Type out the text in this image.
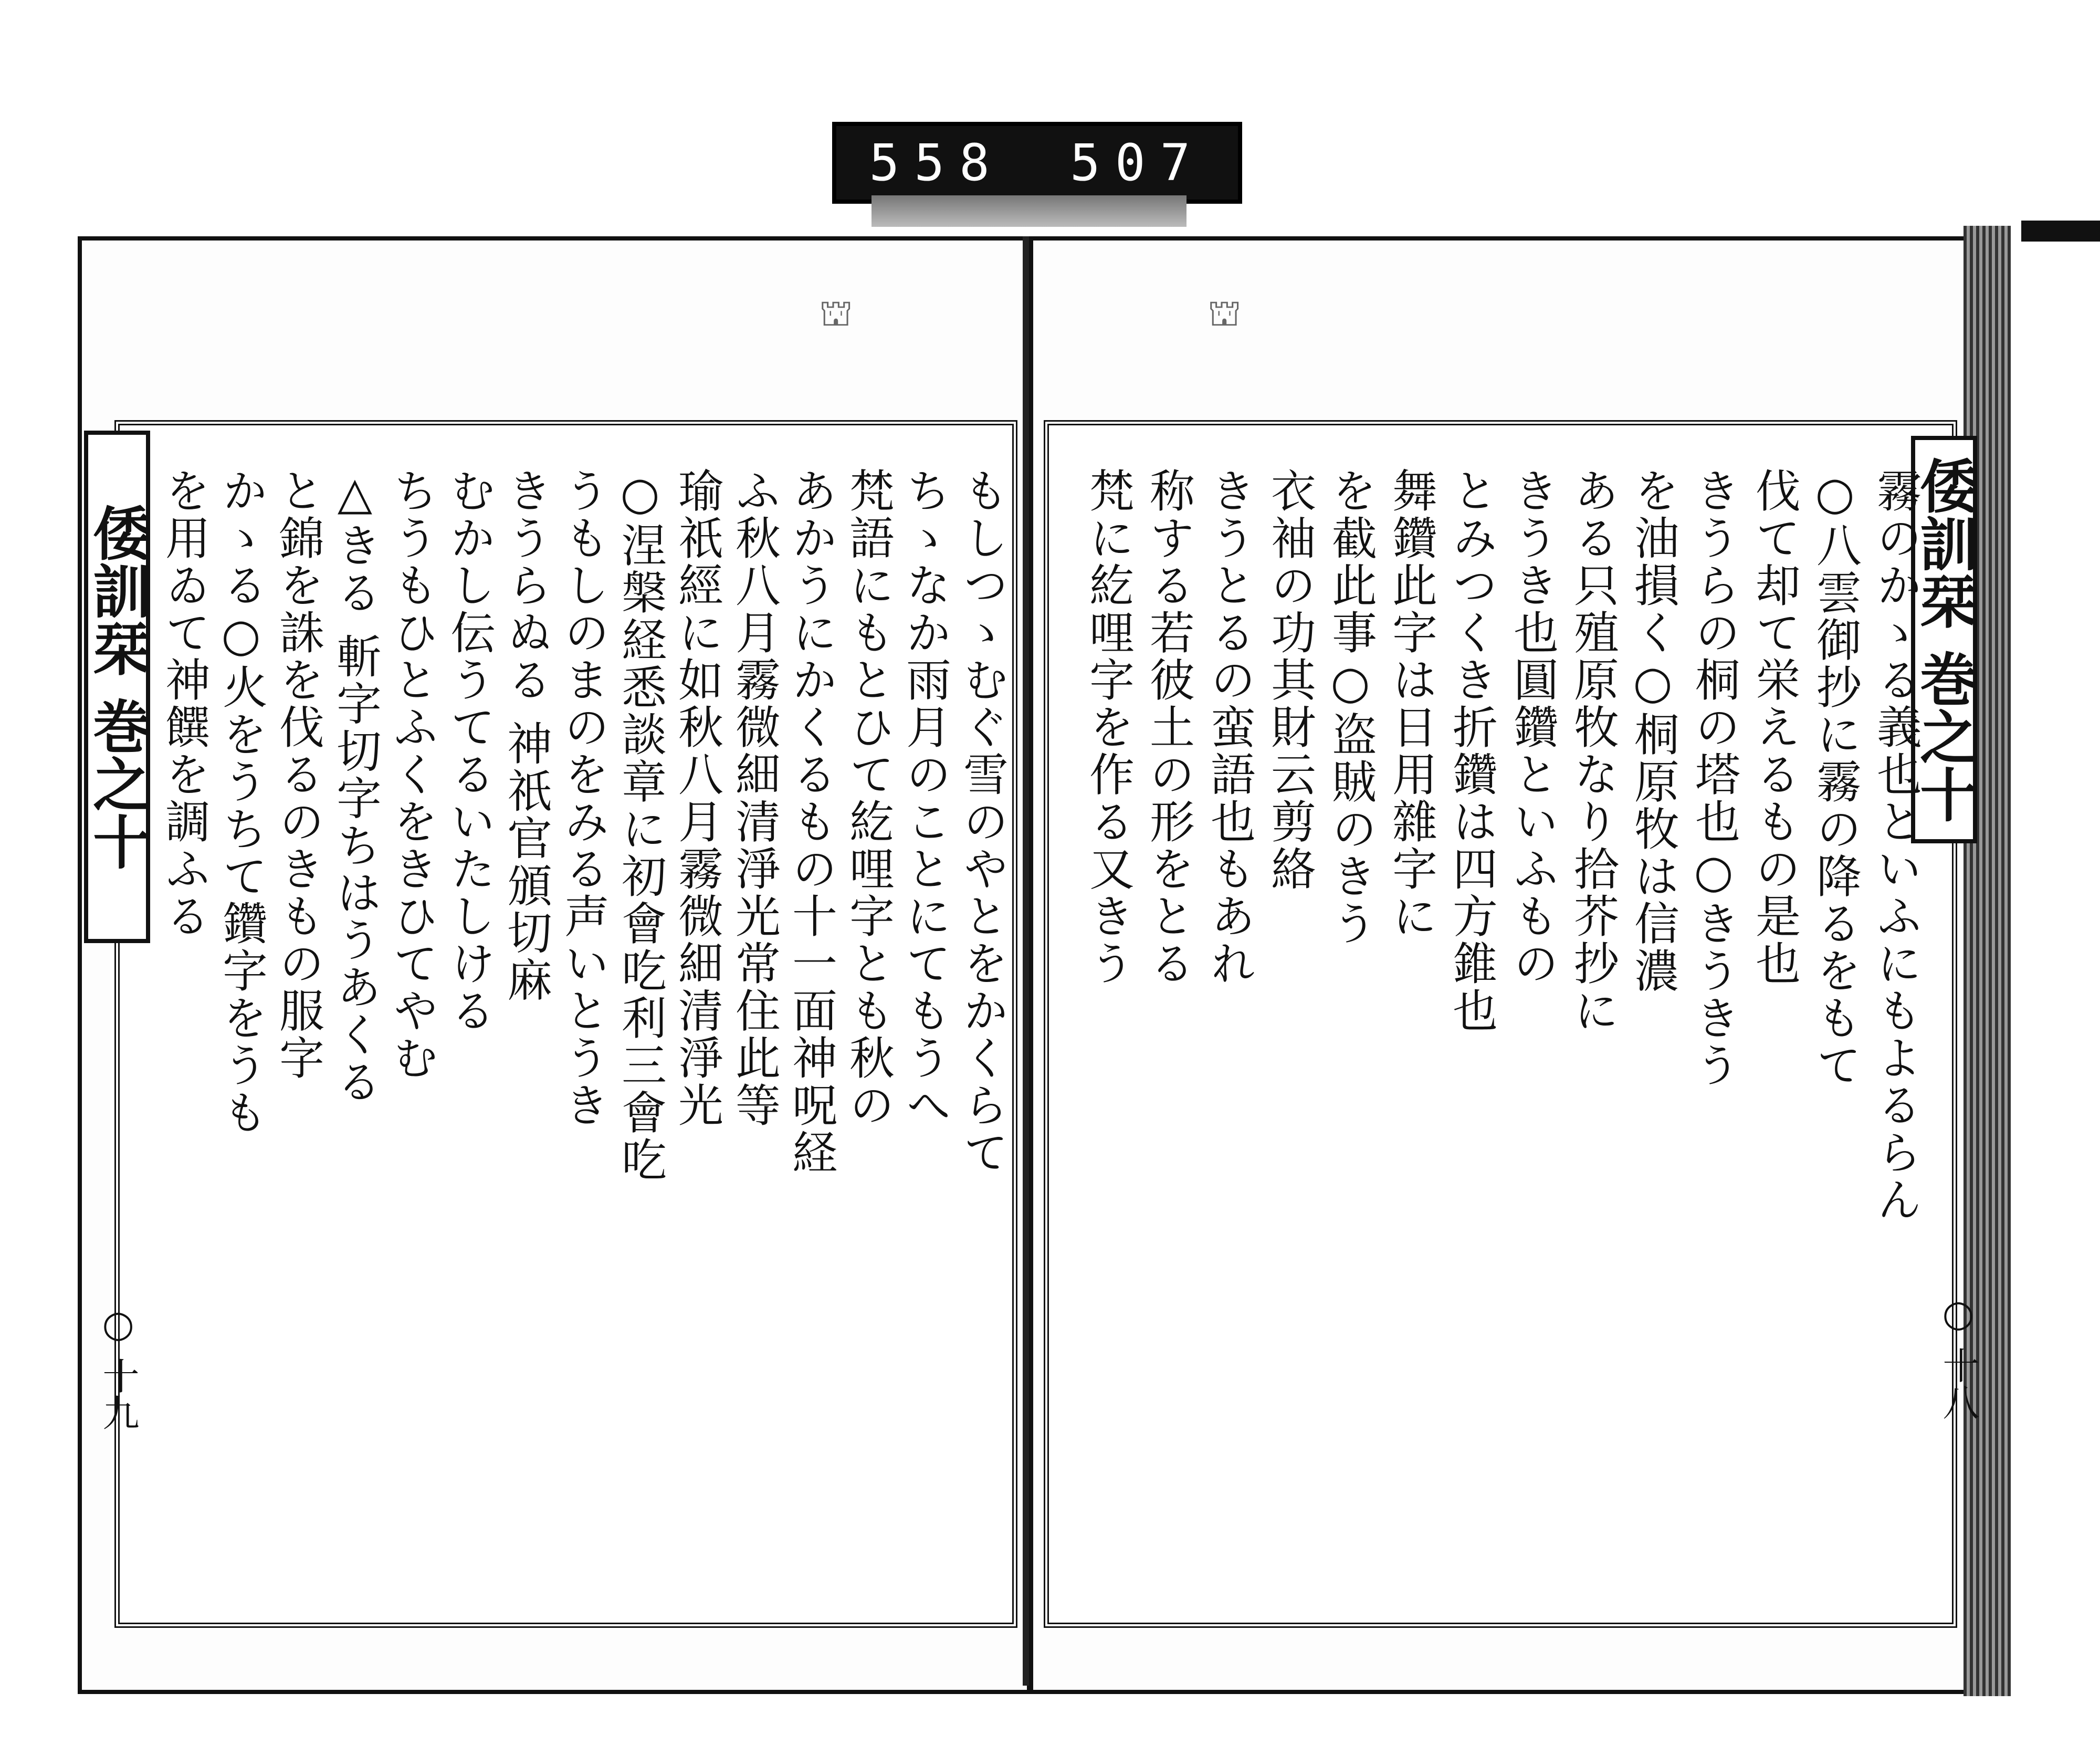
558 507
⛫	⛫
倭訓栞 巻之十	倭訓栞 巻之十
○ 十九	○ 十八
もしつゝむぐ雪のやとをかくらて
ちゝなか雨月のことにてもうへ
梵語にもとひて紇哩字とも秋の
あかうにかくるもの十一面神呪経
ふ秋八月霧微細清淨光常住此等
瑜祇經に如秋八月霧微細清淨光
○涅槃経悉談章に初會吃利三會吃
うもしのまのをみる声いとうき
きうらぬる 神祇官頒切麻
むかし伝うてるいたしける
ちうもひとふくをきひてやむ
△きる 斬字切字ちはうあくる
と錦を誅を伐るのきもの服字
かゝる○火をうちて鑽字をうも
を用ゐて神饌を調ふる	霧のかゝる義也といふにもよるらん
○八雲御抄に霧の降るをもて
伐て却て栄えるもの是也
きうらの桐の塔也○きうきう
を油損く○桐原牧は信濃
ある只殖原牧なり拾芥抄に
きうき也圓鑽といふもの
とみつくき折鑽は四方錐也
舞鑽此字は日用雜字に
を截此事○盗賊のきう
衣袖の功其財云剪絡
きうとるの蛮語也もあれ
称する若彼土の形をとる
梵に紇哩字を作る又きう
